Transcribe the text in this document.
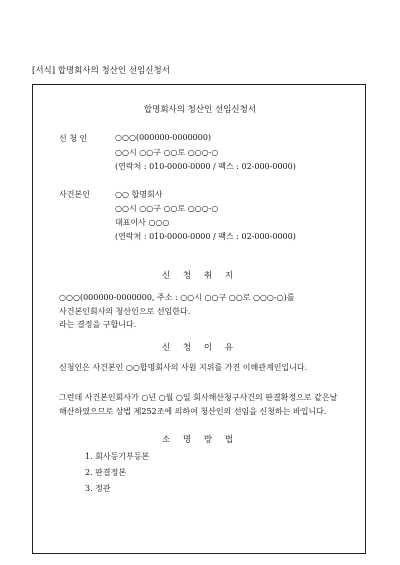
[서식] 합명회사의 청산인 선임신청서
합명회사의 청산인 선임신청서
신 청 인	○○○(000000-0000000)
○○시 ○○구 ○○로 ○○○-○
(연락처 : 010-0000-0000 / 팩스 : 02-000-0000)
사건본인	○○ 합명회사
○○시 ○○구 ○○로 ○○○-○
대표이사 ○○○
(연락처 : 010-0000-0000 / 팩스 : 02-000-0000)
신 청 취 지
○○○(000000-0000000, 주소 : ○○시 ○○구 ○○로 ○○○-○)를 사건본인회사의 청산인으로 선임한다.
라는 결정을 구합니다.
신 청 이 유
신청인은 사건본인 ○○합명회사의 사원 지위를 가진 이해관계인입니다.
그런데 사건본인회사가 ○년 ○월 ○일 회사해산청구사건의 판결확정으로 같은날 해산하였으므로 상법 제252조에 의하여 청산인의 선임을 신청하는 바입니다.
소 명 방 법
1. 회사등기부등본
2. 판결정본
3. 정관
